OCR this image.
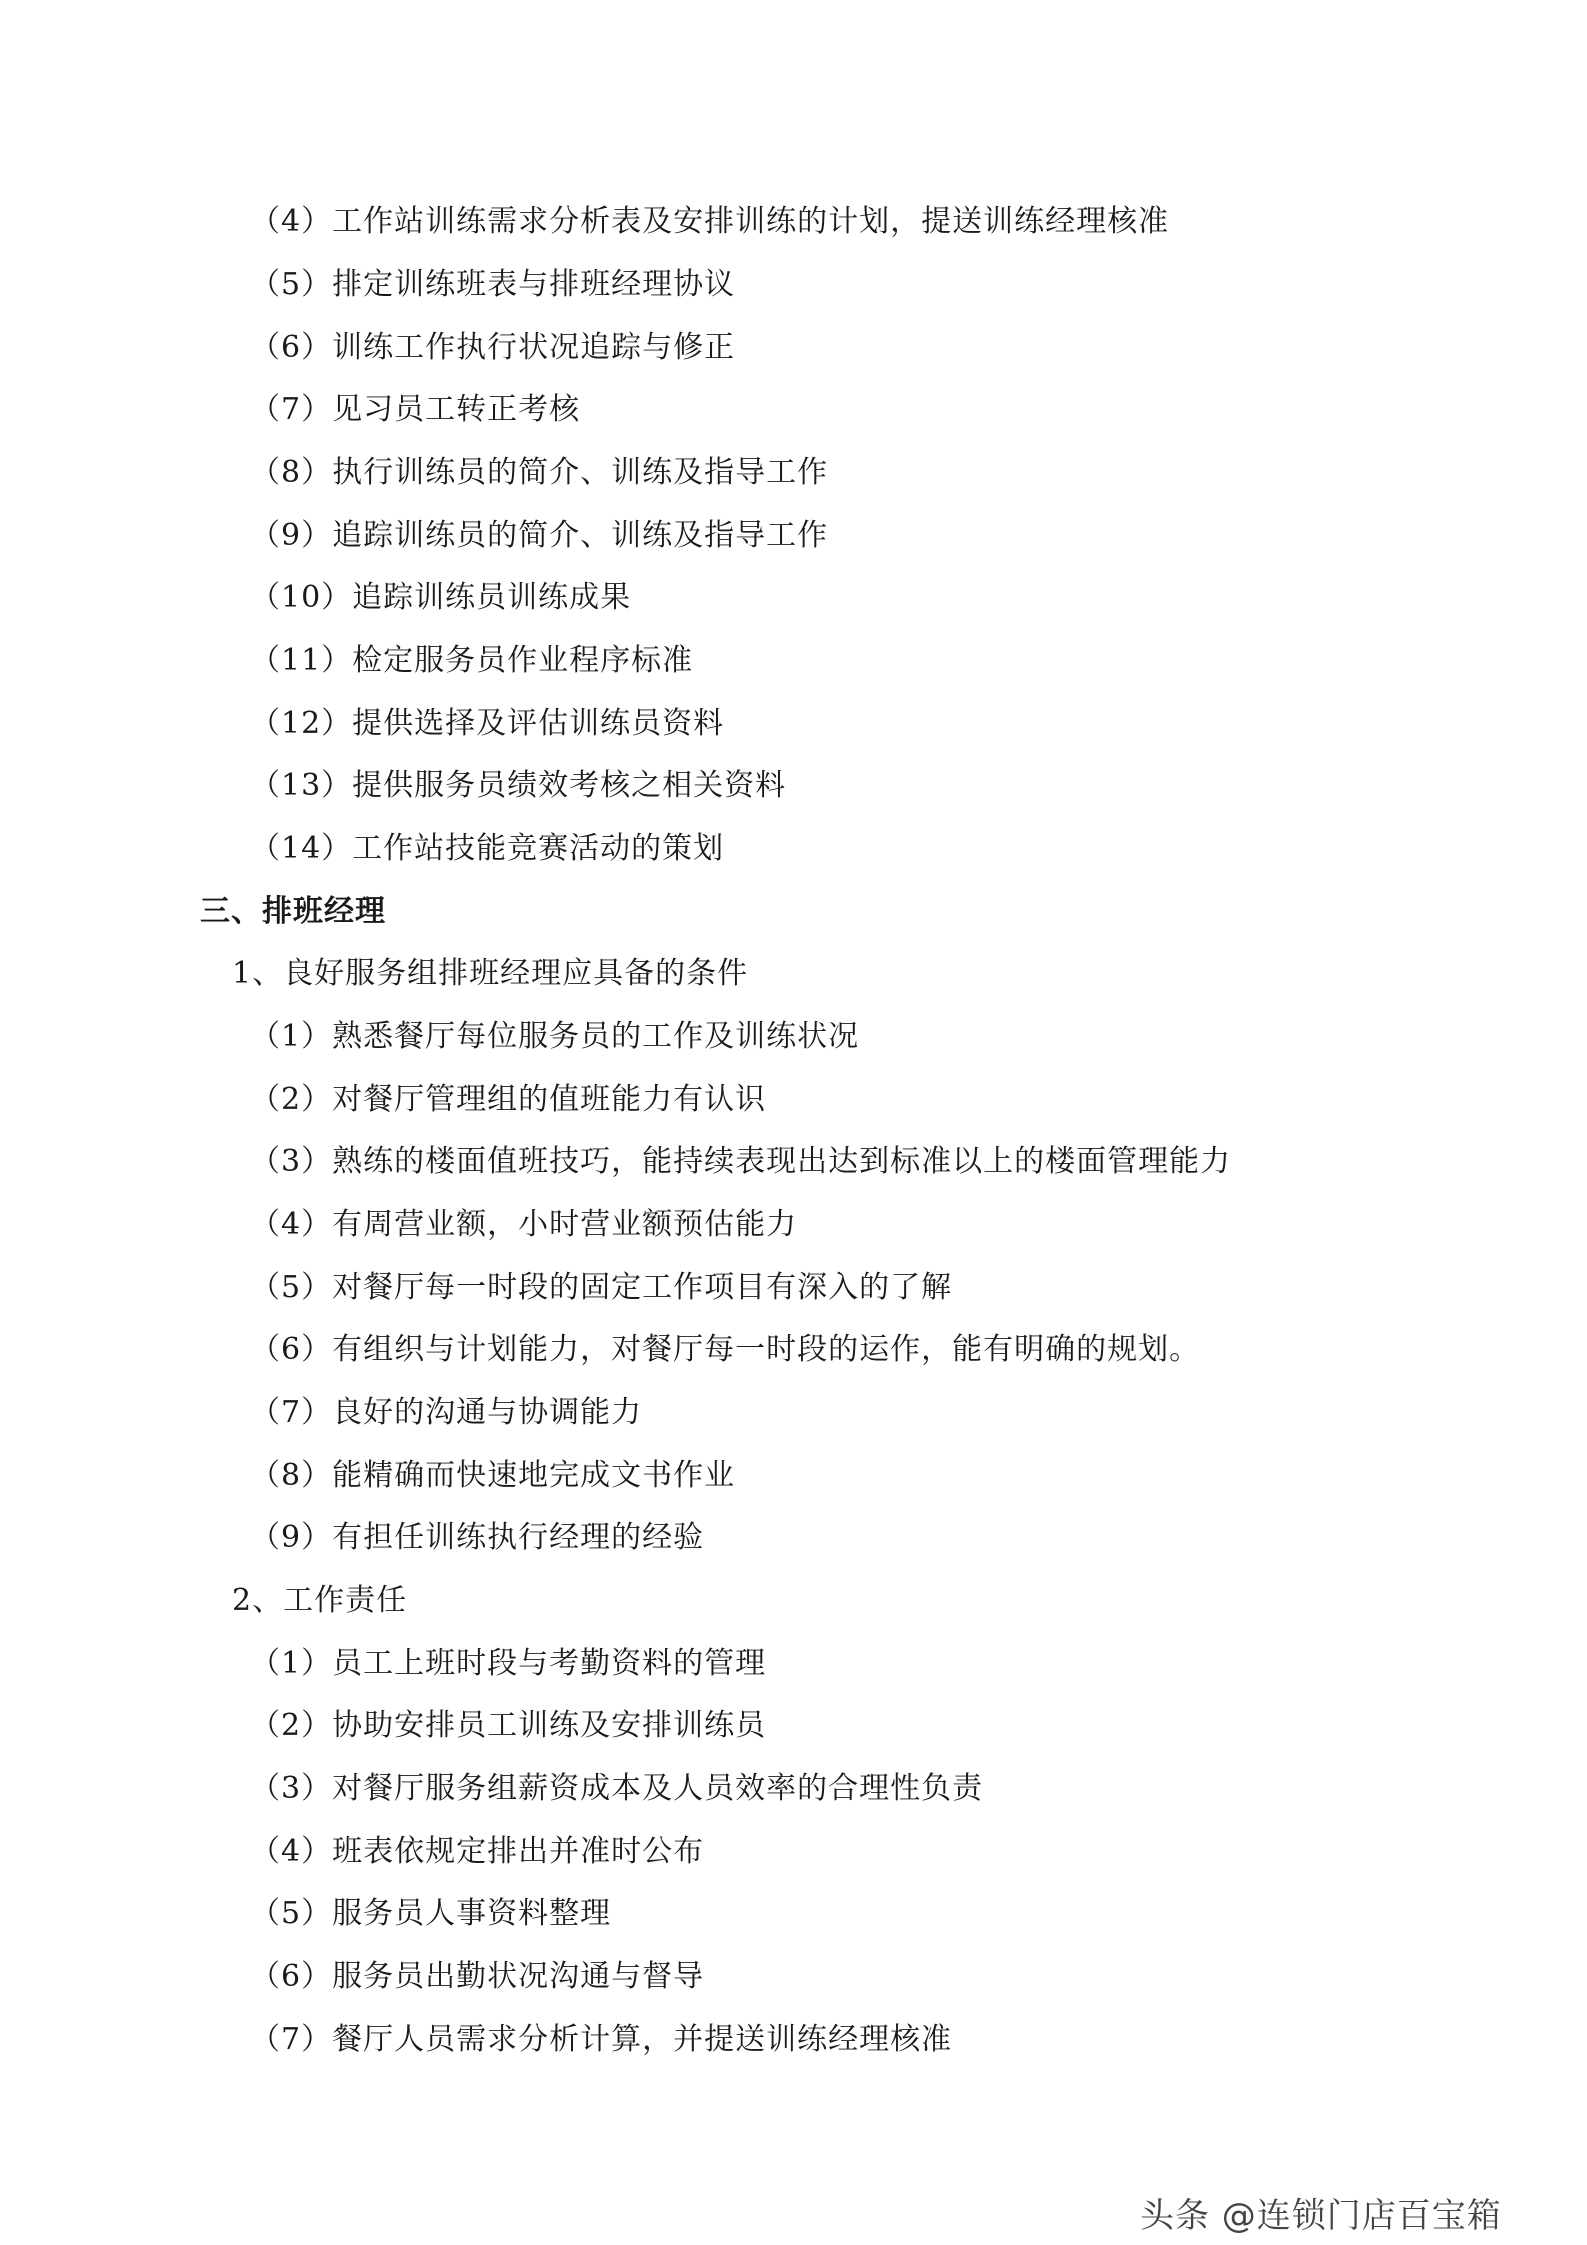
（4）工作站训练需求分析表及安排训练的计划，提送训练经理核准
（5）排定训练班表与排班经理协议
（6）训练工作执行状况追踪与修正
（7）见习员工转正考核
（8）执行训练员的简介、训练及指导工作
（9）追踪训练员的简介、训练及指导工作
（10）追踪训练员训练成果
（11）检定服务员作业程序标准
（12）提供选择及评估训练员资料
（13）提供服务员绩效考核之相关资料
（14）工作站技能竞赛活动的策划
三、排班经理
1、良好服务组排班经理应具备的条件
（1）熟悉餐厅每位服务员的工作及训练状况
（2）对餐厅管理组的值班能力有认识
（3）熟练的楼面值班技巧，能持续表现出达到标准以上的楼面管理能力
（4）有周营业额，小时营业额预估能力
（5）对餐厅每一时段的固定工作项目有深入的了解
（6）有组织与计划能力，对餐厅每一时段的运作，能有明确的规划。
（7）良好的沟通与协调能力
（8）能精确而快速地完成文书作业
（9）有担任训练执行经理的经验
2、工作责任
（1）员工上班时段与考勤资料的管理
（2）协助安排员工训练及安排训练员
（3）对餐厅服务组薪资成本及人员效率的合理性负责
（4）班表依规定排出并准时公布
（5）服务员人事资料整理
（6）服务员出勤状况沟通与督导
（7）餐厅人员需求分析计算，并提送训练经理核准
头条 @连锁门店百宝箱
